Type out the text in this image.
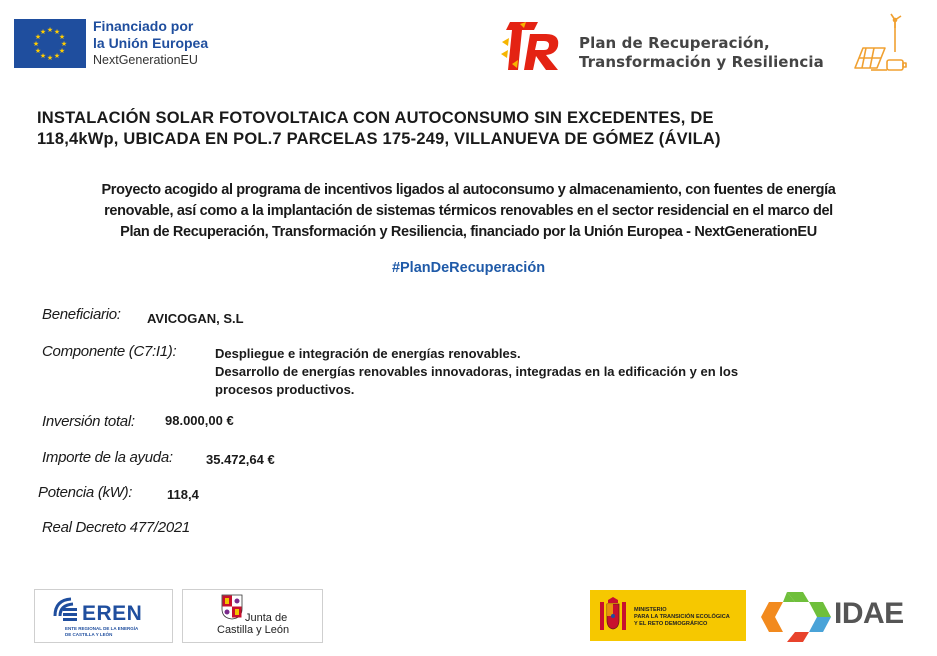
★ ★
★
★
★
★
★
★
★
★
★
★	Financiado por
la Unión Europea
NextGenerationEU
Plan de Recuperación,
Transformación y Resiliencia
INSTALACIÓN SOLAR FOTOVOLTAICA CON AUTOCONSUMO SIN EXCEDENTES, DE
118,4kWp, UBICADA EN POL.7 PARCELAS 175-249, VILLANUEVA DE GÓMEZ (ÁVILA)
Proyecto acogido al programa de incentivos ligados al autoconsumo y almacenamiento, con fuentes de energía
renovable, así como a la implantación de sistemas térmicos renovables en el sector residencial en el marco del
Plan de Recuperación, Transformación y Resiliencia, financiado por la Unión Europea - NextGenerationEU
#PlanDeRecuperación
Beneficiario: AVICOGAN, S.L
Componente (C7:I1):	Despliegue e integración de energías renovables.
Desarrollo de energías renovables innovadoras, integradas en la edificación y en los
procesos productivos.
Inversión total: 98.000,00 €
Importe de la ayuda:	35.472,64 €
Potencia (kW):	118,4
Real Decreto 477/2021
EREN
ENTE REGIONAL DE LA ENERGÍA
DE CASTILLA Y LEÓN
Junta de
Castilla y León
MINISTERIO
PARA LA TRANSICIÓN ECOLÓGICA
Y EL RETO DEMOGRÁFICO	IDAE
